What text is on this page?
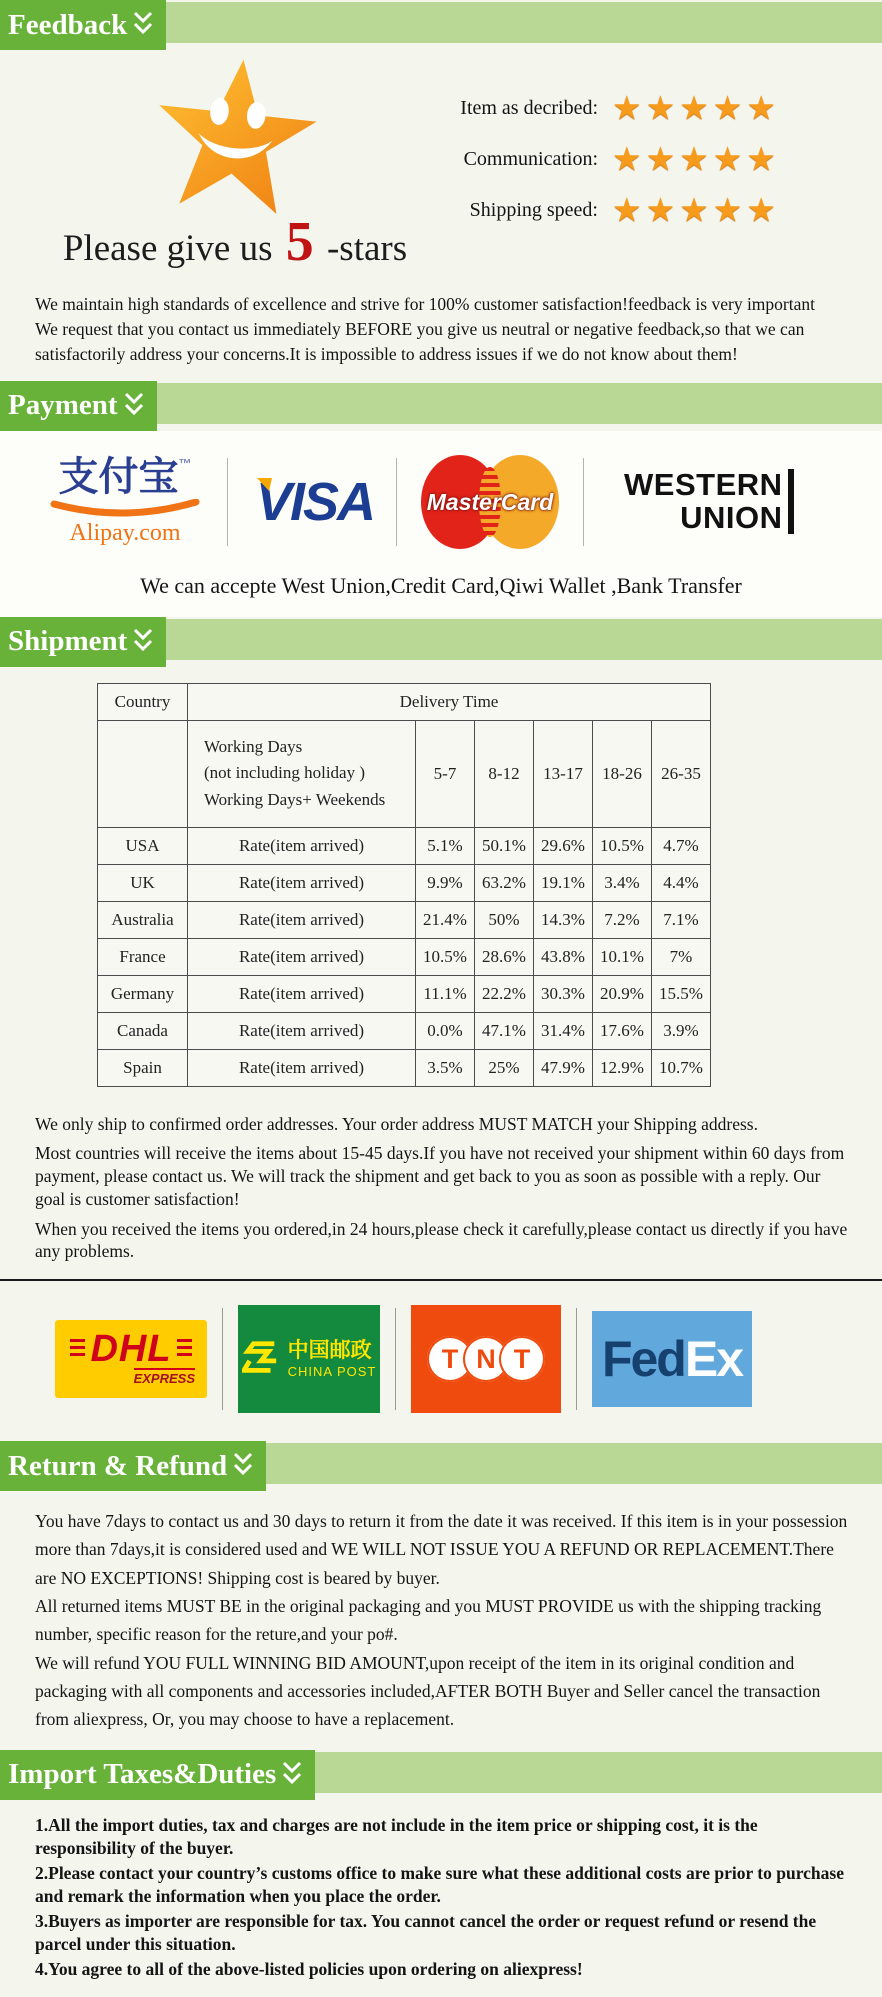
Feedback
Please give us 5 -stars
Item as decribed: ★★★★★
Communication: ★★★★★
Shipping speed: ★★★★★

We maintain high standards of excellence and strive for 100% customer satisfaction!feedback is very important

We request that you contact us immediately BEFORE you give us neutral or negative feedback,so that we can

satisfactorily address your concerns.It is impossible to address issues if we do not know about them!

Payment
支付宝™
Alipay.com
VISA	MasterCard WESTERN
UNION
We can accepte West Union,Credit Card,Qiwi Wallet ,Bank Transfer
Shipment
Country	Delivery Time					

	Working Days
(not including holiday )
Working Days+ Weekends	5-7	8-12	13-17	18-26	26-35
USA	Rate(item arrived)	5.1%	50.1%	29.6%	10.5%	4.7%
UK	Rate(item arrived)	9.9%	63.2%	19.1%	3.4%	4.4%
Australia	Rate(item arrived)	21.4%	50%	14.3%	7.2%	7.1%
France	Rate(item arrived)	10.5%	28.6%	43.8%	10.1%	7%
Germany	Rate(item arrived)	11.1%	22.2%	30.3%	20.9%	15.5%
Canada	Rate(item arrived)	0.0%	47.1%	31.4%	17.6%	3.9%
Spain	Rate(item arrived)	3.5%	25%	47.9%	12.9%	10.7%

We only ship to confirmed order addresses. Your order address MUST MATCH your Shipping address.

Most countries will receive the items about 15-45 days.If you have not received your shipment within 60 days from payment, please contact us. We will track the shipment and get back to you as soon as possible with a reply. Our goal is customer satisfaction!

When you received the items you ordered,in 24 hours,please check it carefully,please contact us directly if you have any problems.

DHL
EXPRESS
中国邮政
CHINA POST	T N T Fed Ex
Return & Refund

You have 7days to contact us and 30 days to return it from the date it was received. If this item is in your possession more than 7days,it is considered used and WE WILL NOT ISSUE YOU A REFUND OR REPLACEMENT.There are NO EXCEPTIONS! Shipping cost is beared by buyer.

All returned items MUST BE in the original packaging and you MUST PROVIDE us with the shipping tracking number, specific reason for the reture,and your po#.

We will refund YOU FULL WINNING BID AMOUNT,upon receipt of the item in its original condition and packaging with all components and accessories included,AFTER BOTH Buyer and Seller cancel the transaction from aliexpress, Or, you may choose to have a replacement.

Import Taxes&Duties

1.All the import duties, tax and charges are not include in the item price or shipping cost, it is the responsibility of the buyer.

2.Please contact your country’s customs office to make sure what these additional costs are prior to purchase and remark the information when you place the order.

3.Buyers as importer are responsible for tax. You cannot cancel the order or request refund or resend the parcel under this situation.

4.You agree to all of the above-listed policies upon ordering on aliexpress!
